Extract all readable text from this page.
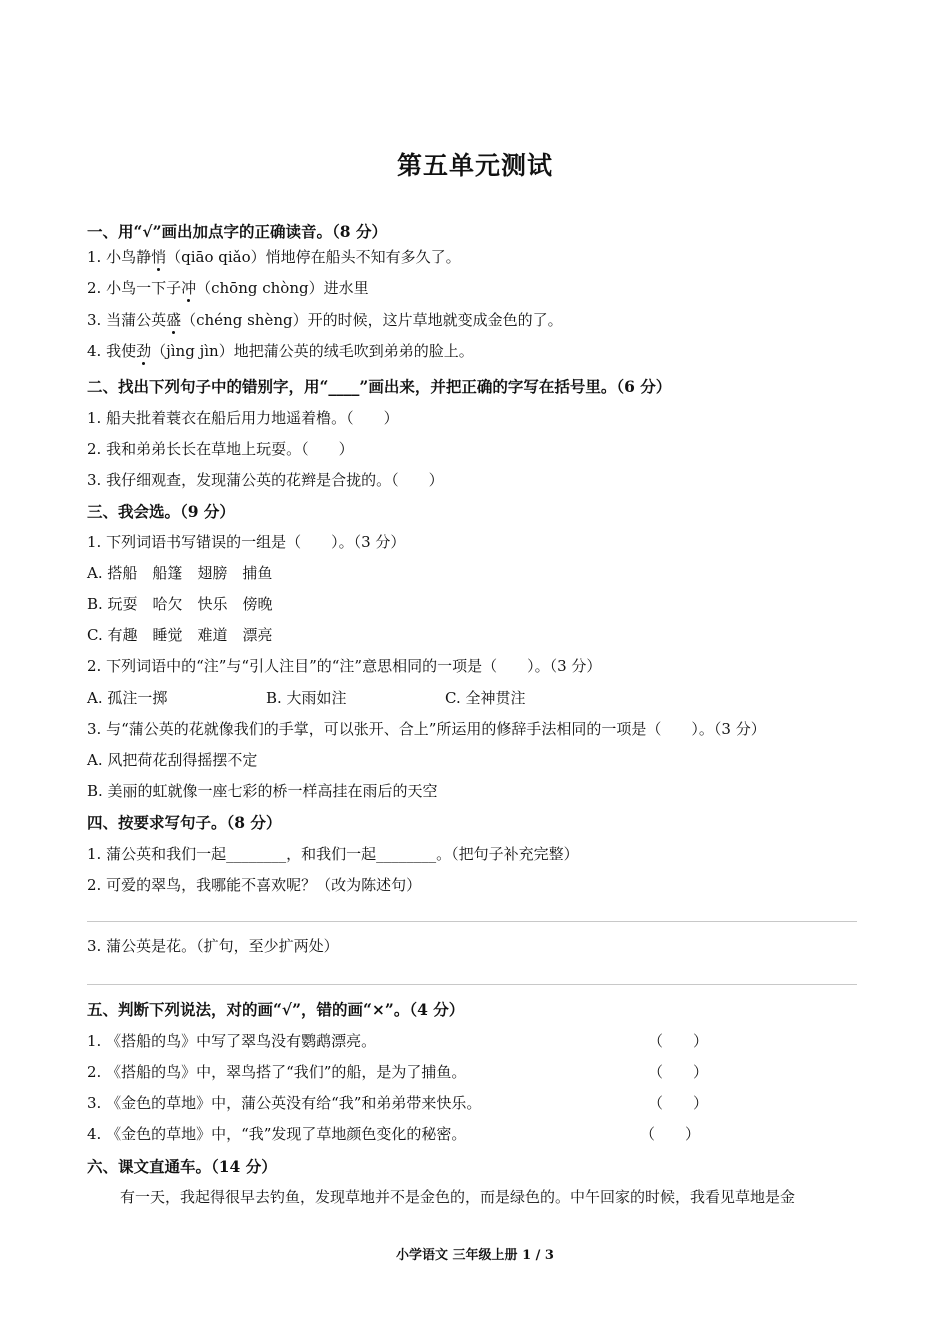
第五单元测试
一、用“√”画出加点字的正确读音。（8 分）
1. 小鸟静悄（qiāo qiǎo）悄地停在船头不知有多久了。
2. 小鸟一下子冲（chōng chòng）进水里
3. 当蒲公英盛（chéng shèng）开的时候，这片草地就变成金色的了。
4. 我使劲（jìng jìn）地把蒲公英的绒毛吹到弟弟的脸上。
二、找出下列句子中的错别字，用“____”画出来，并把正确的字写在括号里。（6 分）
1. 船夫批着蓑衣在船后用力地遥着橹。（　　）
2. 我和弟弟长长在草地上玩耍。（　　）
3. 我仔细观查，发现蒲公英的花辫是合拢的。（　　）
三、我会选。（9 分）
1. 下列词语书写错误的一组是（　　）。（3 分）
A. 搭船　船篷　翅膀　捕鱼
B. 玩耍　哈欠　快乐　傍晚
C. 有趣　睡觉　难道　漂亮
2. 下列词语中的“注”与“引人注目”的“注”意思相同的一项是（　　）。（3 分）
A. 孤注一掷	B. 大雨如注	C. 全神贯注
3. 与“蒲公英的花就像我们的手掌，可以张开、合上”所运用的修辞手法相同的一项是（　　）。（3 分）
A. 风把荷花刮得摇摆不定
B. 美丽的虹就像一座七彩的桥一样高挂在雨后的天空
四、按要求写句子。（8 分）
1. 蒲公英和我们一起________，和我们一起________。（把句子补充完整）
2. 可爱的翠鸟，我哪能不喜欢呢？（改为陈述句）
3. 蒲公英是花。（扩句，至少扩两处）
五、判断下列说法，对的画“√”，错的画“×”。（4 分）
1. 《搭船的鸟》中写了翠鸟没有鹦鹉漂亮。	（　　）
2. 《搭船的鸟》中，翠鸟搭了“我们”的船，是为了捕鱼。	（　　）
3. 《金色的草地》中，蒲公英没有给“我”和弟弟带来快乐。	（　　）
4. 《金色的草地》中，“我”发现了草地颜色变化的秘密。	（　　）
六、课文直通车。（14 分）
有一天，我起得很早去钓鱼，发现草地并不是金色的，而是绿色的。中午回家的时候，我看见草地是金
小学语文 三年级上册 1 / 3
